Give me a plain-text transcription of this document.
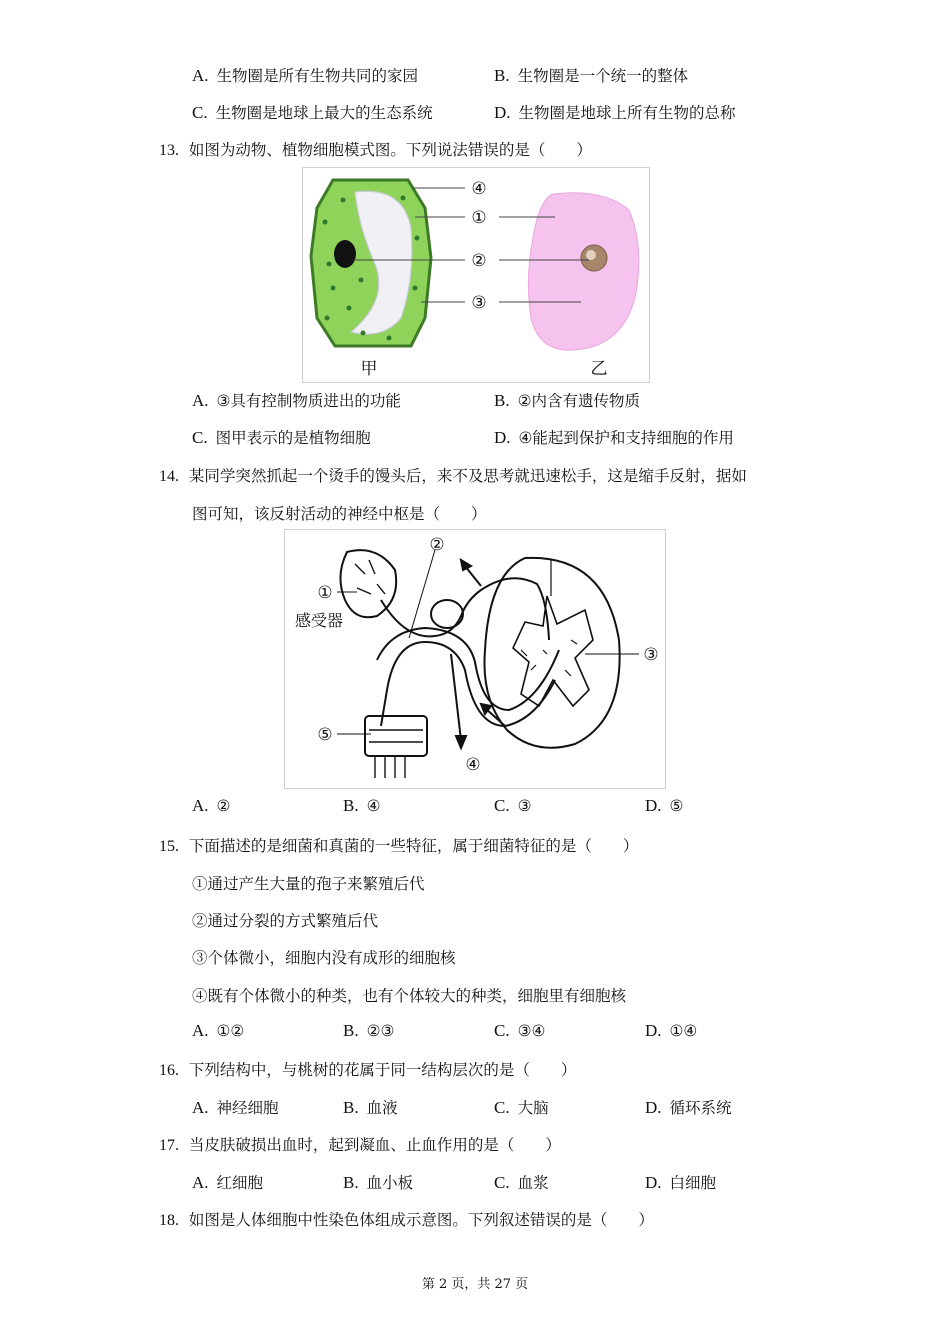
A. 生物圈是所有生物共同的家园	B. 生物圈是一个统一的整体
C. 生物圈是地球上最大的生态系统	D. 生物圈是地球上所有生物的总称
13. 如图为动物、植物细胞模式图。下列说法错误的是（　　）
④
①
②
③
甲	乙
A. ③具有控制物质进出的功能	B. ②内含有遗传物质
C. 图甲表示的是植物细胞	D. ④能起到保护和支持细胞的作用
14. 某同学突然抓起一个烫手的馒头后，来不及思考就迅速松手，这是缩手反射，据如
图可知，该反射活动的神经中枢是（　　）
①
②
③
④
⑤
感受器
A. ②	B. ④	C. ③	D. ⑤
15. 下面描述的是细菌和真菌的一些特征，属于细菌特征的是（　　）
①通过产生大量的孢子来繁殖后代
②通过分裂的方式繁殖后代
③个体微小，细胞内没有成形的细胞核
④既有个体微小的种类，也有个体较大的种类，细胞里有细胞核
A. ①②	B. ②③	C. ③④	D. ①④
16. 下列结构中，与桃树的花属于同一结构层次的是（　　）
A. 神经细胞	B. 血液	C. 大脑	D. 循环系统
17. 当皮肤破损出血时，起到凝血、止血作用的是（　　）
A. 红细胞	B. 血小板	C. 血浆	D. 白细胞
18. 如图是人体细胞中性染色体组成示意图。下列叙述错误的是（　　）
第 2 页，共 27 页
